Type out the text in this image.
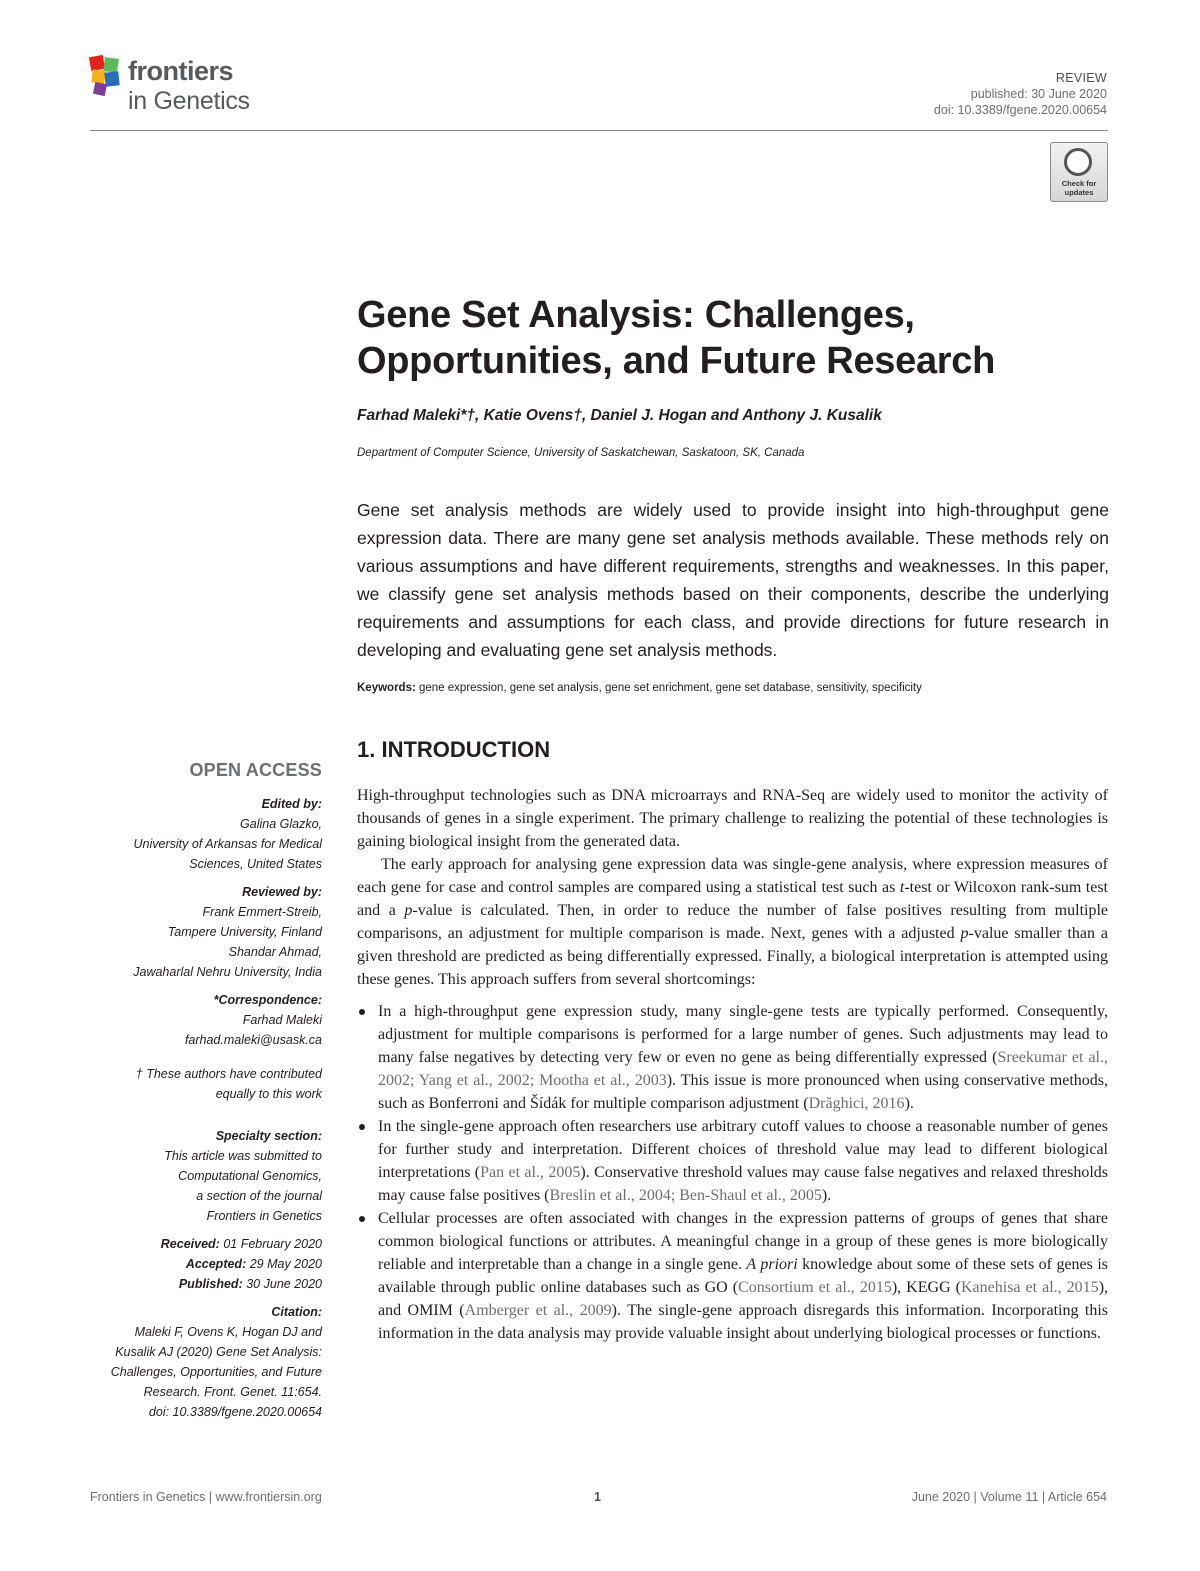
frontiers
in Genetics
REVIEW
published: 30 June 2020
doi: 10.3389/fgene.2020.00654
Check for
updates
Gene Set Analysis: Challenges,
Opportunities, and Future Research
Farhad Maleki*†, Katie Ovens†, Daniel J. Hogan and Anthony J. Kusalik
Department of Computer Science, University of Saskatchewan, Saskatoon, SK, Canada
Gene set analysis methods are widely used to provide insight into high-throughput gene expression data. There are many gene set analysis methods available. These methods rely on various assumptions and have different requirements, strengths and weaknesses. In this paper, we classify gene set analysis methods based on their components, describe the underlying requirements and assumptions for each class, and provide directions for future research in developing and evaluating gene set analysis methods.
Keywords: gene expression, gene set analysis, gene set enrichment, gene set database, sensitivity, specificity
OPEN ACCESS
Edited by:
Galina Glazko,
University of Arkansas for Medical
Sciences, United States
Reviewed by:
Frank Emmert-Streib,
Tampere University, Finland
Shandar Ahmad,
Jawaharlal Nehru University, India
*Correspondence:
Farhad Maleki
farhad.maleki@usask.ca
† These authors have contributed
equally to this work
Specialty section:
This article was submitted to
Computational Genomics,
a section of the journal
Frontiers in Genetics
Received: 01 February 2020
Accepted: 29 May 2020
Published: 30 June 2020
Citation:
Maleki F, Ovens K, Hogan DJ and
Kusalik AJ (2020) Gene Set Analysis:
Challenges, Opportunities, and Future
Research. Front. Genet. 11:654.
doi: 10.3389/fgene.2020.00654
1. INTRODUCTION

High-throughput technologies such as DNA microarrays and RNA-Seq are widely used to monitor the activity of thousands of genes in a single experiment. The primary challenge to realizing the potential of these technologies is gaining biological insight from the generated data.

The early approach for analysing gene expression data was single-gene analysis, where expression measures of each gene for case and control samples are compared using a statistical test such as t-test or Wilcoxon rank-sum test and a p-value is calculated. Then, in order to reduce the number of false positives resulting from multiple comparisons, an adjustment for multiple comparison is made. Next, genes with a adjusted p-value smaller than a given threshold are predicted as being differentially expressed. Finally, a biological interpretation is attempted using these genes. This approach suffers from several shortcomings:

In a high-throughput gene expression study, many single-gene tests are typically performed. Consequently, adjustment for multiple comparisons is performed for a large number of genes. Such adjustments may lead to many false negatives by detecting very few or even no gene as being differentially expressed (Sreekumar et al., 2002; Yang et al., 2002; Mootha et al., 2003). This issue is more pronounced when using conservative methods, such as Bonferroni and Šídák for multiple comparison adjustment (Drăghici, 2016).
In the single-gene approach often researchers use arbitrary cutoff values to choose a reasonable number of genes for further study and interpretation. Different choices of threshold value may lead to different biological interpretations (Pan et al., 2005). Conservative threshold values may cause false negatives and relaxed thresholds may cause false positives (Breslin et al., 2004; Ben-Shaul et al., 2005).
Cellular processes are often associated with changes in the expression patterns of groups of genes that share common biological functions or attributes. A meaningful change in a group of these genes is more biologically reliable and interpretable than a change in a single gene. A priori knowledge about some of these sets of genes is available through public online databases such as GO (Consortium et al., 2015), KEGG (Kanehisa et al., 2015), and OMIM (Amberger et al., 2009). The single-gene approach disregards this information. Incorporating this information in the data analysis may provide valuable insight about underlying biological processes or functions.
Frontiers in Genetics | www.frontiersin.org	1	June 2020 | Volume 11 | Article 654
